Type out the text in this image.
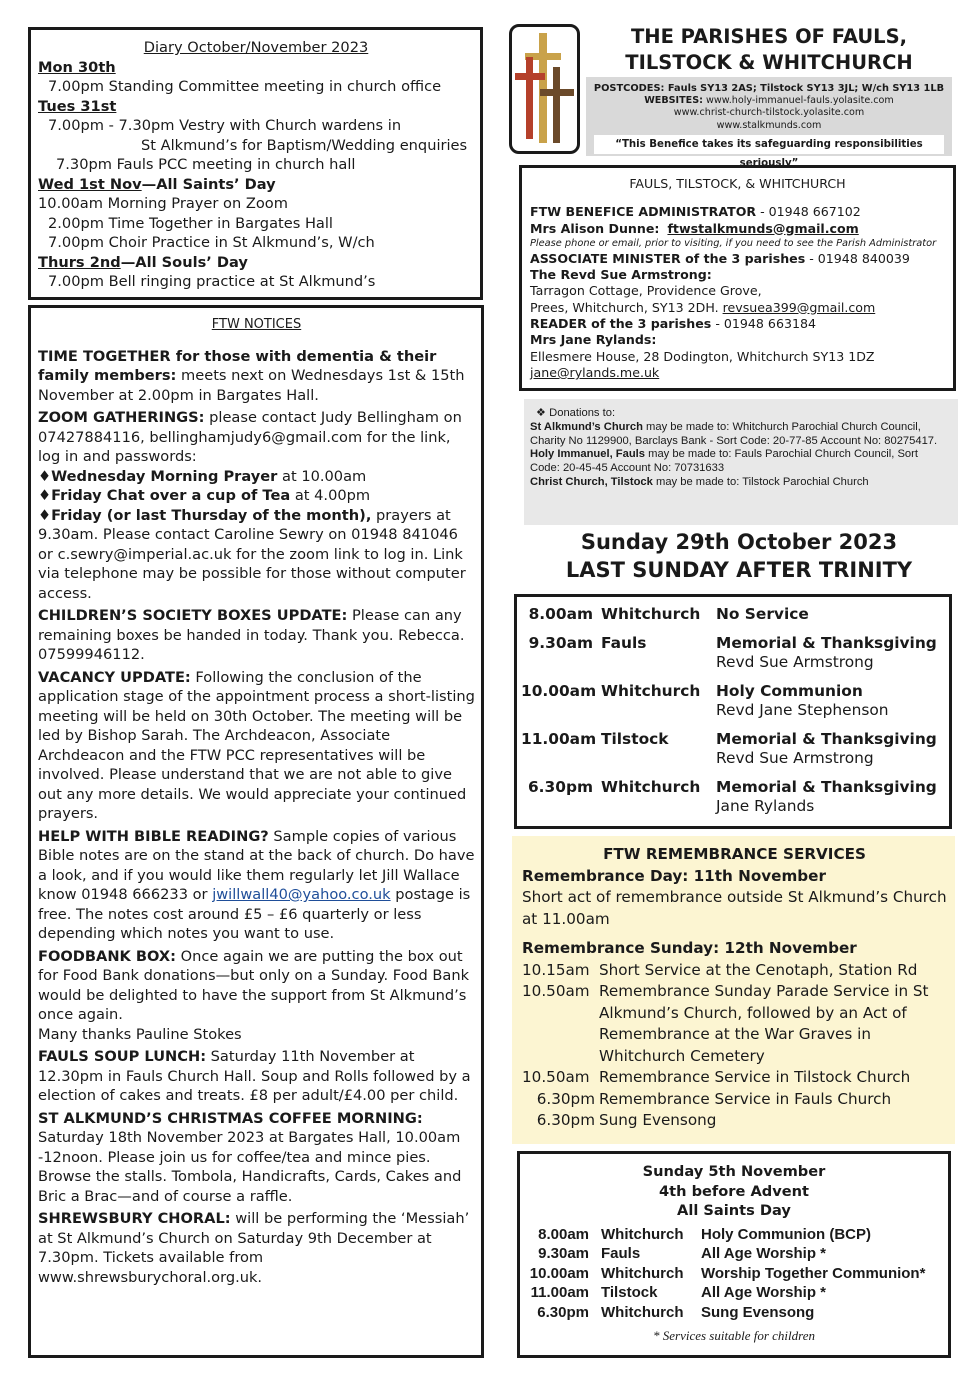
Diary October/November 2023
Mon 30th
7.00pm Standing Committee meeting in church office
Tues 31st
7.00pm - 7.30pm Vestry with Church wardens in
St Alkmund’s for Baptism/Wedding enquiries
7.30pm Fauls PCC meeting in church hall
Wed 1st Nov—All Saints’ Day
10.00am Morning Prayer on Zoom
2.00pm Time Together in Bargates Hall
7.00pm Choir Practice in St Alkmund’s, W/ch
Thurs 2nd—All Souls’ Day
7.00pm Bell ringing practice at St Alkmund’s
FTW NOTICES

TIME TOGETHER for those with dementia & their family members: meets next on Wednesdays 1st & 15th November at 2.00pm in Bargates Hall.

ZOOM GATHERINGS: please contact Judy Bellingham on 07427884116, bellinghamjudy6@gmail.com for the link, log in and passwords:
♦Wednesday Morning Prayer at 10.00am
♦Friday Chat over a cup of Tea at 4.00pm
♦Friday (or last Thursday of the month), prayers at 9.30am. Please contact Caroline Sewry on 01948 841046 or c.sewry@imperial.ac.uk for the zoom link to log in. Link via telephone may be possible for those without computer access.

CHILDREN’S SOCIETY BOXES UPDATE: Please can any remaining boxes be handed in today. Thank you. Rebecca. 07599946112.

VACANCY UPDATE: Following the conclusion of the application stage of the appointment process a short-listing meeting will be held on 30th October. The meeting will be led by Bishop Sarah. The Archdeacon, Associate Archdeacon and the FTW PCC representatives will be involved. Please understand that we are not able to give out any more details. We would appreciate your continued prayers.

HELP WITH BIBLE READING? Sample copies of various Bible notes are on the stand at the back of church. Do have a look, and if you would like them regularly let Jill Wallace know 01948 666233 or jwillwall40@yahoo.co.uk postage is free. The notes cost around £5 – £6 quarterly or less depending which notes you want to use.

FOODBANK BOX: Once again we are putting the box out for Food Bank donations—but only on a Sunday. Food Bank would be delighted to have the support from St Alkmund’s once again.
Many thanks Pauline Stokes

FAULS SOUP LUNCH: Saturday 11th November at 12.30pm in Fauls Church Hall. Soup and Rolls followed by a election of cakes and treats. £8 per adult/£4.00 per child.

ST ALKMUND’S CHRISTMAS COFFEE MORNING: Saturday 18th November 2023 at Bargates Hall, 10.00am -12noon. Please join us for coffee/tea and mince pies. Browse the stalls. Tombola, Handicrafts, Cards, Cakes and Bric a Brac—and of course a raffle.

SHREWSBURY CHORAL: will be performing the ‘Messiah’ at St Alkmund’s Church on Saturday 9th December at 7.30pm. Tickets available from www.shrewsburychoral.org.uk.

THE PARISHES OF FAULS,
TILSTOCK & WHITCHURCH
POSTCODES: Fauls SY13 2AS; Tilstock SY13 3JL; W/ch SY13 1LB
WEBSITES: www.holy-immanuel-fauls.yolasite.com
www.christ-church-tilstock.yolasite.com
www.stalkmunds.com
“This Benefice takes its safeguarding responsibilities seriously”
FAULS, TILSTOCK, & WHITCHURCH
FTW BENEFICE ADMINISTRATOR - 01948 667102
Mrs Alison Dunne: ftwstalkmunds@gmail.com
Please phone or email, prior to visiting, if you need to see the Parish Administrator
ASSOCIATE MINISTER of the 3 parishes - 01948 840039
The Revd Sue Armstrong:
Tarragon Cottage, Providence Grove,
Prees, Whitchurch, SY13 2DH. revsuea399@gmail.com
READER of the 3 parishes - 01948 663184
Mrs Jane Rylands:
Ellesmere House, 28 Dodington, Whitchurch SY13 1DZ
jane@rylands.me.uk
❖ Donations to:
St Alkmund’s Church may be made to: Whitchurch Parochial Church Council, Charity No 1129900, Barclays Bank - Sort Code: 20-77-85 Account No: 80275417.
Holy Immanuel, Fauls may be made to: Fauls Parochial Church Council, Sort Code: 20-45-45 Account No: 70731633
Christ Church, Tilstock may be made to: Tilstock Parochial Church
Sunday 29th October 2023
LAST SUNDAY AFTER TRINITY
8.00am Whitchurch	No Service
9.30am Fauls	Memorial & Thanksgiving
Revd Sue Armstrong
10.00am Whitchurch	Holy Communion
Revd Jane Stephenson
11.00am Tilstock	Memorial & Thanksgiving
Revd Sue Armstrong
6.30pm Whitchurch	Memorial & Thanksgiving
Jane Rylands
FTW REMEMBRANCE SERVICES
Remembrance Day: 11th November
Short act of remembrance outside St Alkmund’s Church at 11.00am
Remembrance Sunday: 12th November
10.15am Short Service at the Cenotaph, Station Rd
10.50am Remembrance Sunday Parade Service in St Alkmund’s Church, followed by an Act of Remembrance at the War Graves in Whitchurch Cemetery
10.50am Remembrance Service in Tilstock Church
6.30pm Remembrance Service in Fauls Church
6.30pm Sung Evensong
Sunday 5th November
4th before Advent
All Saints Day
8.00am Whitchurch	Holy Communion (BCP)
9.30am Fauls	All Age Worship *
10.00am Whitchurch	Worship Together Communion*
11.00am Tilstock	All Age Worship *
6.30pm Whitchurch	Sung Evensong
* Services suitable for children
